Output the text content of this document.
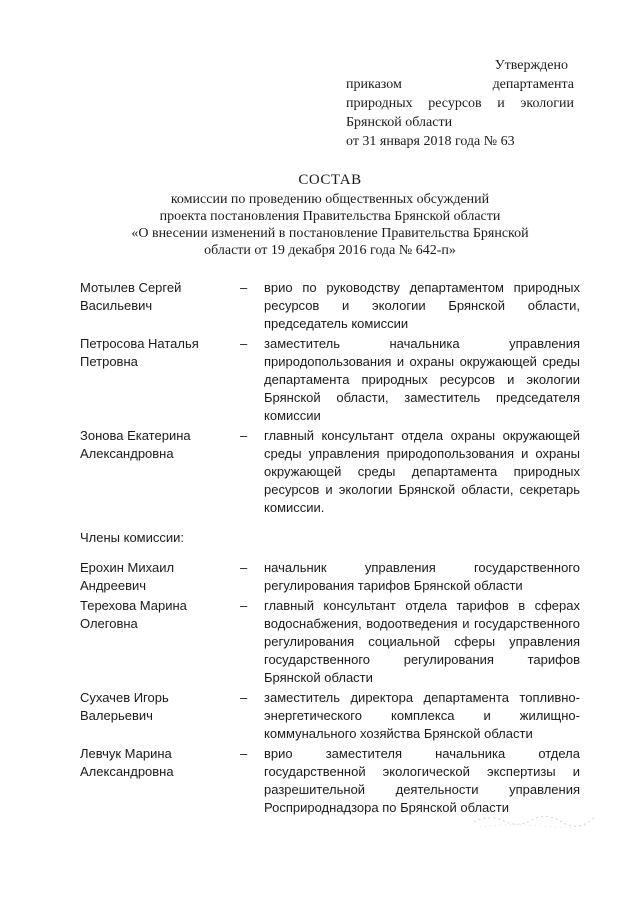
Утверждено
приказом департамента
природных ресурсов и экологии
Брянской области
от 31 января 2018 года № 63
СОСТАВ
комиссии по проведению общественных обсуждений
проекта постановления Правительства Брянской области
«О внесении изменений в постановление Правительства Брянской
области от 19 декабря 2016 года № 642-п»
Мотылев Сергей Васильевич
–	врио по руководству департаментом природных ресурсов и экологии Брянской области, председатель комиссии
Петросова Наталья Петровна
–	заместитель начальника управления природопользования и охраны окружающей среды департамента природных ресурсов и экологии Брянской области, заместитель председателя комиссии
Зонова Екатерина Александровна
–	главный консультант отдела охраны окружающей среды управления природопользования и охраны окружающей среды департамента природных ресурсов и экологии Брянской области, секретарь комиссии.
Члены комиссии:
Ерохин Михаил Андреевич
–	начальник управления государственного регулирования тарифов Брянской области
Терехова Марина Олеговна
–	главный консультант отдела тарифов в сферах водоснабжения, водоотведения и государственного регулирования социальной сферы управления государственного регулирования тарифов Брянской области
Сухачев Игорь Валерьевич
–	заместитель директора департамента топливно-энергетического комплекса и жилищно-коммунального хозяйства Брянской области
Левчук Марина Александровна
–	врио заместителя начальника отдела государственной экологической экспертизы и разрешительной деятельности управления Росприроднадзора по Брянской области
